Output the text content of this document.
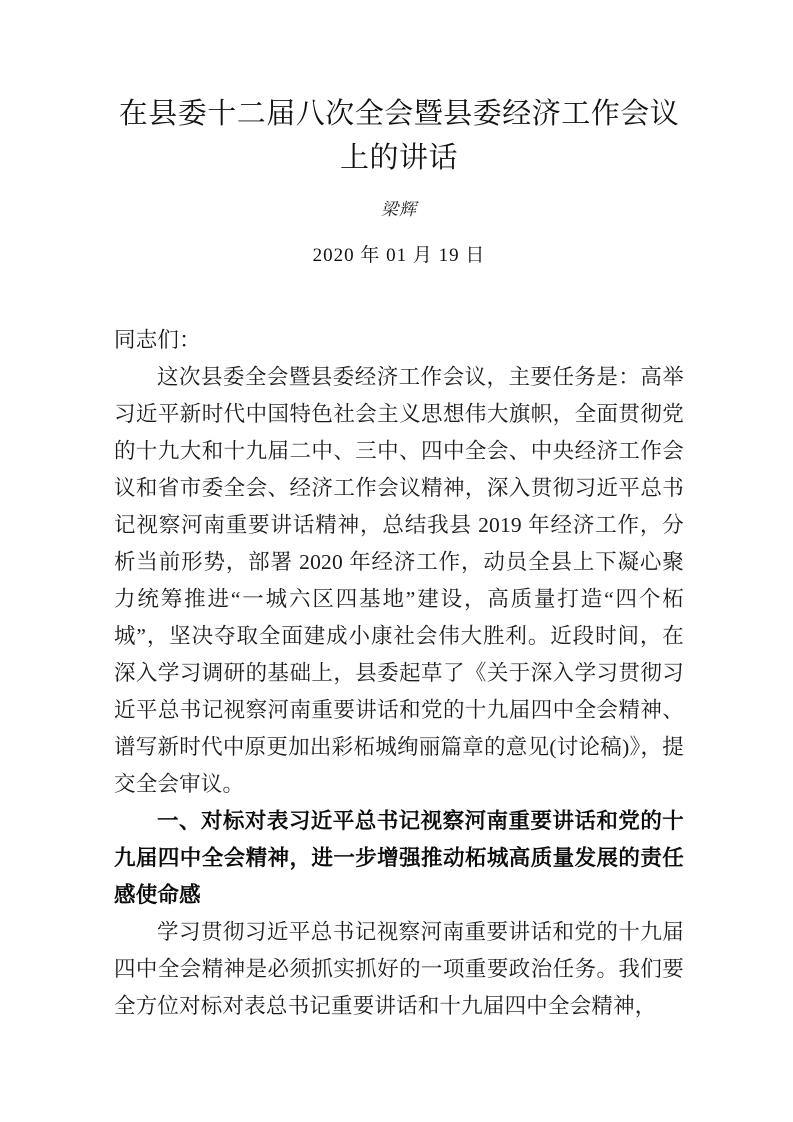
在县委十二届八次全会暨县委经济工作会议上的讲话

梁辉

2020 年 01 月 19 日

同志们：

这次县委全会暨县委经济工作会议，主要任务是：高举习近平新时代中国特色社会主义思想伟大旗帜，全面贯彻党的十九大和十九届二中、三中、四中全会、中央经济工作会议和省市委全会、经济工作会议精神，深入贯彻习近平总书记视察河南重要讲话精神，总结我县 2019 年经济工作，分析当前形势，部署 2020 年经济工作，动员全县上下凝心聚力统筹推进“一城六区四基地”建设，高质量打造“四个柘城”，坚决夺取全面建成小康社会伟大胜利。近段时间，在深入学习调研的基础上，县委起草了《关于深入学习贯彻习近平总书记视察河南重要讲话和党的十九届四中全会精神、谱写新时代中原更加出彩柘城绚丽篇章的意见(讨论稿)》，提交全会审议。

一、对标对表习近平总书记视察河南重要讲话和党的十九届四中全会精神，进一步增强推动柘城高质量发展的责任感使命感

学习贯彻习近平总书记视察河南重要讲话和党的十九届四中全会精神是必须抓实抓好的一项重要政治任务。我们要全方位对标对表总书记重要讲话和十九届四中全会精神，
